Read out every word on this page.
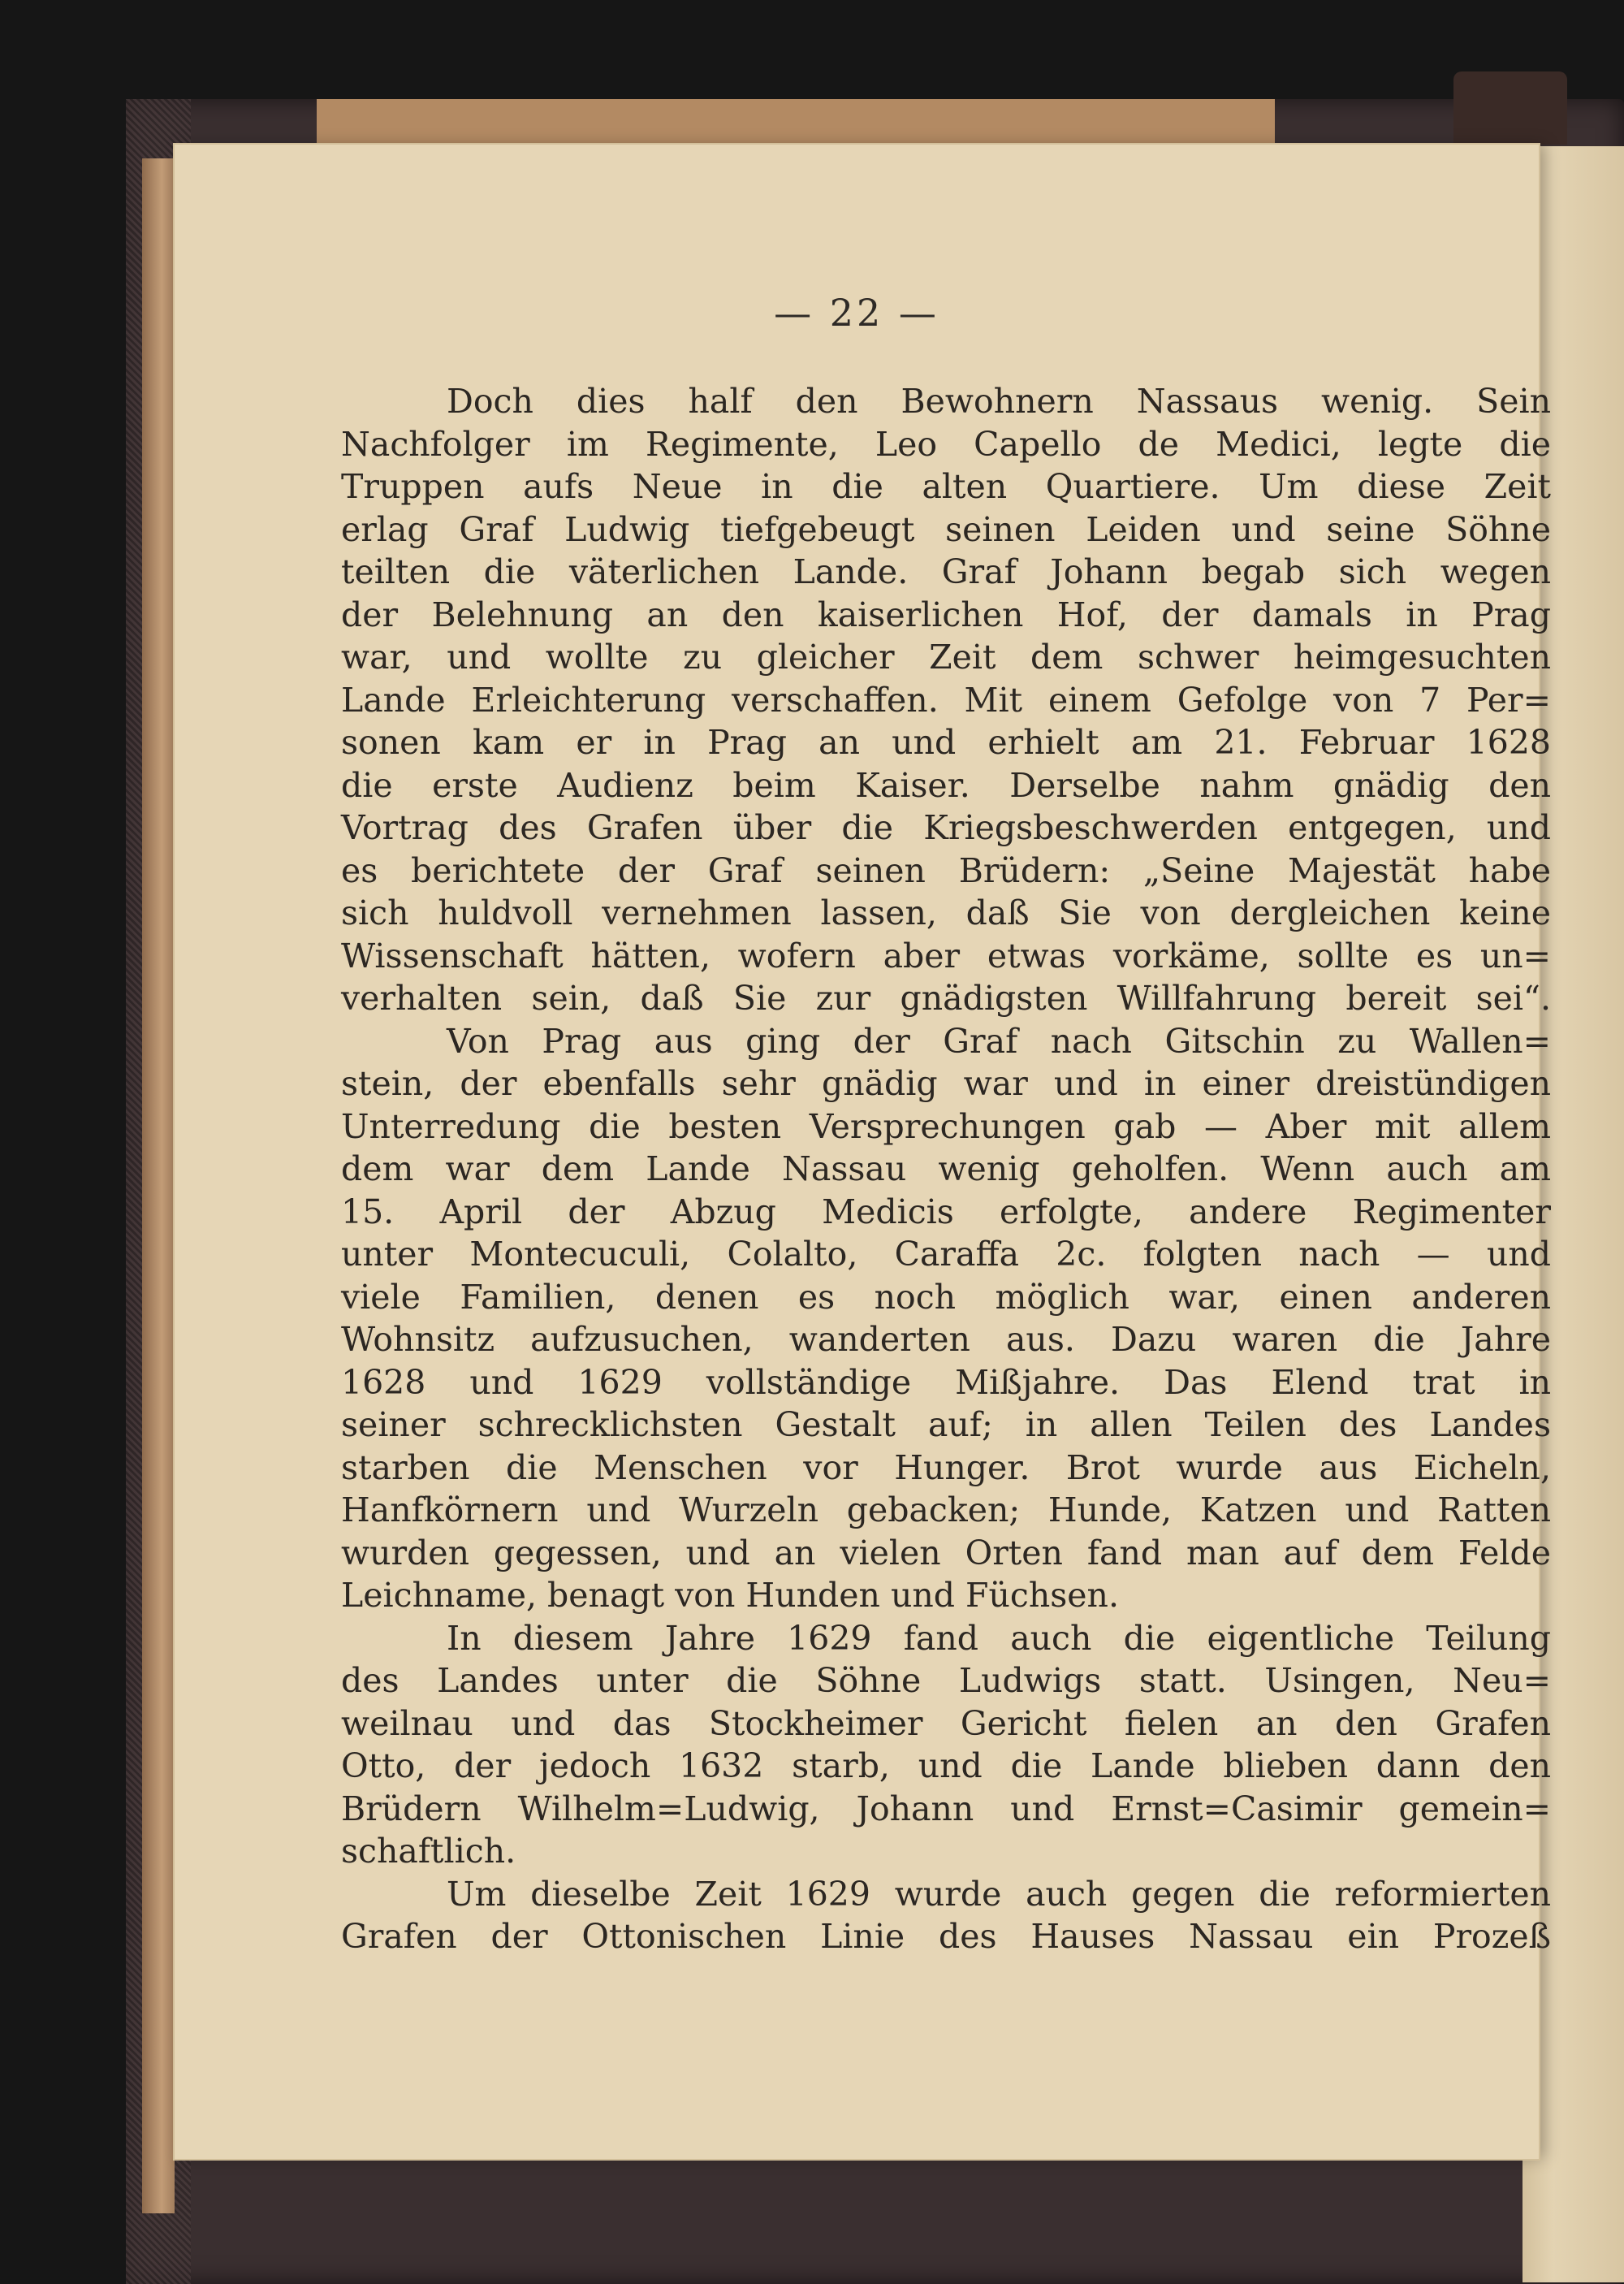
— 22 —

Doch dies half den Bewohnern Nassaus wenig. Sein
Nachfolger im Regimente, Leo Capello de Medici, legte die
Truppen aufs Neue in die alten Quartiere. Um diese Zeit
erlag Graf Ludwig tiefgebeugt seinen Leiden und seine Söhne
teilten die väterlichen Lande. Graf Johann begab sich wegen
der Belehnung an den kaiserlichen Hof, der damals in Prag
war, und wollte zu gleicher Zeit dem schwer heimgesuchten
Lande Erleichterung verschaffen. Mit einem Gefolge von 7 Per=
sonen kam er in Prag an und erhielt am 21. Februar 1628
die erste Audienz beim Kaiser. Derselbe nahm gnädig den
Vortrag des Grafen über die Kriegsbeschwerden entgegen, und
es berichtete der Graf seinen Brüdern: „Seine Majestät habe
sich huldvoll vernehmen lassen, daß Sie von dergleichen keine
Wissenschaft hätten, wofern aber etwas vorkäme, sollte es un=
verhalten sein, daß Sie zur gnädigsten Willfahrung bereit sei“.

Von Prag aus ging der Graf nach Gitschin zu Wallen=
stein, der ebenfalls sehr gnädig war und in einer dreistündigen
Unterredung die besten Versprechungen gab — Aber mit allem
dem war dem Lande Nassau wenig geholfen. Wenn auch am
15. April der Abzug Medicis erfolgte, andere Regimenter
unter Montecuculi, Colalto, Caraffa 2c. folgten nach — und
viele Familien, denen es noch möglich war, einen anderen
Wohnsitz aufzusuchen, wanderten aus. Dazu waren die Jahre
1628 und 1629 vollständige Mißjahre. Das Elend trat in
seiner schrecklichsten Gestalt auf; in allen Teilen des Landes
starben die Menschen vor Hunger. Brot wurde aus Eicheln,
Hanfkörnern und Wurzeln gebacken; Hunde, Katzen und Ratten
wurden gegessen, und an vielen Orten fand man auf dem Felde
Leichname, benagt von Hunden und Füchsen.

In diesem Jahre 1629 fand auch die eigentliche Teilung
des Landes unter die Söhne Ludwigs statt. Usingen, Neu=
weilnau und das Stockheimer Gericht fielen an den Grafen
Otto, der jedoch 1632 starb, und die Lande blieben dann den
Brüdern Wilhelm=Ludwig, Johann und Ernst=Casimir gemein=
schaftlich.

Um dieselbe Zeit 1629 wurde auch gegen die reformierten
Grafen der Ottonischen Linie des Hauses Nassau ein Prozeß
